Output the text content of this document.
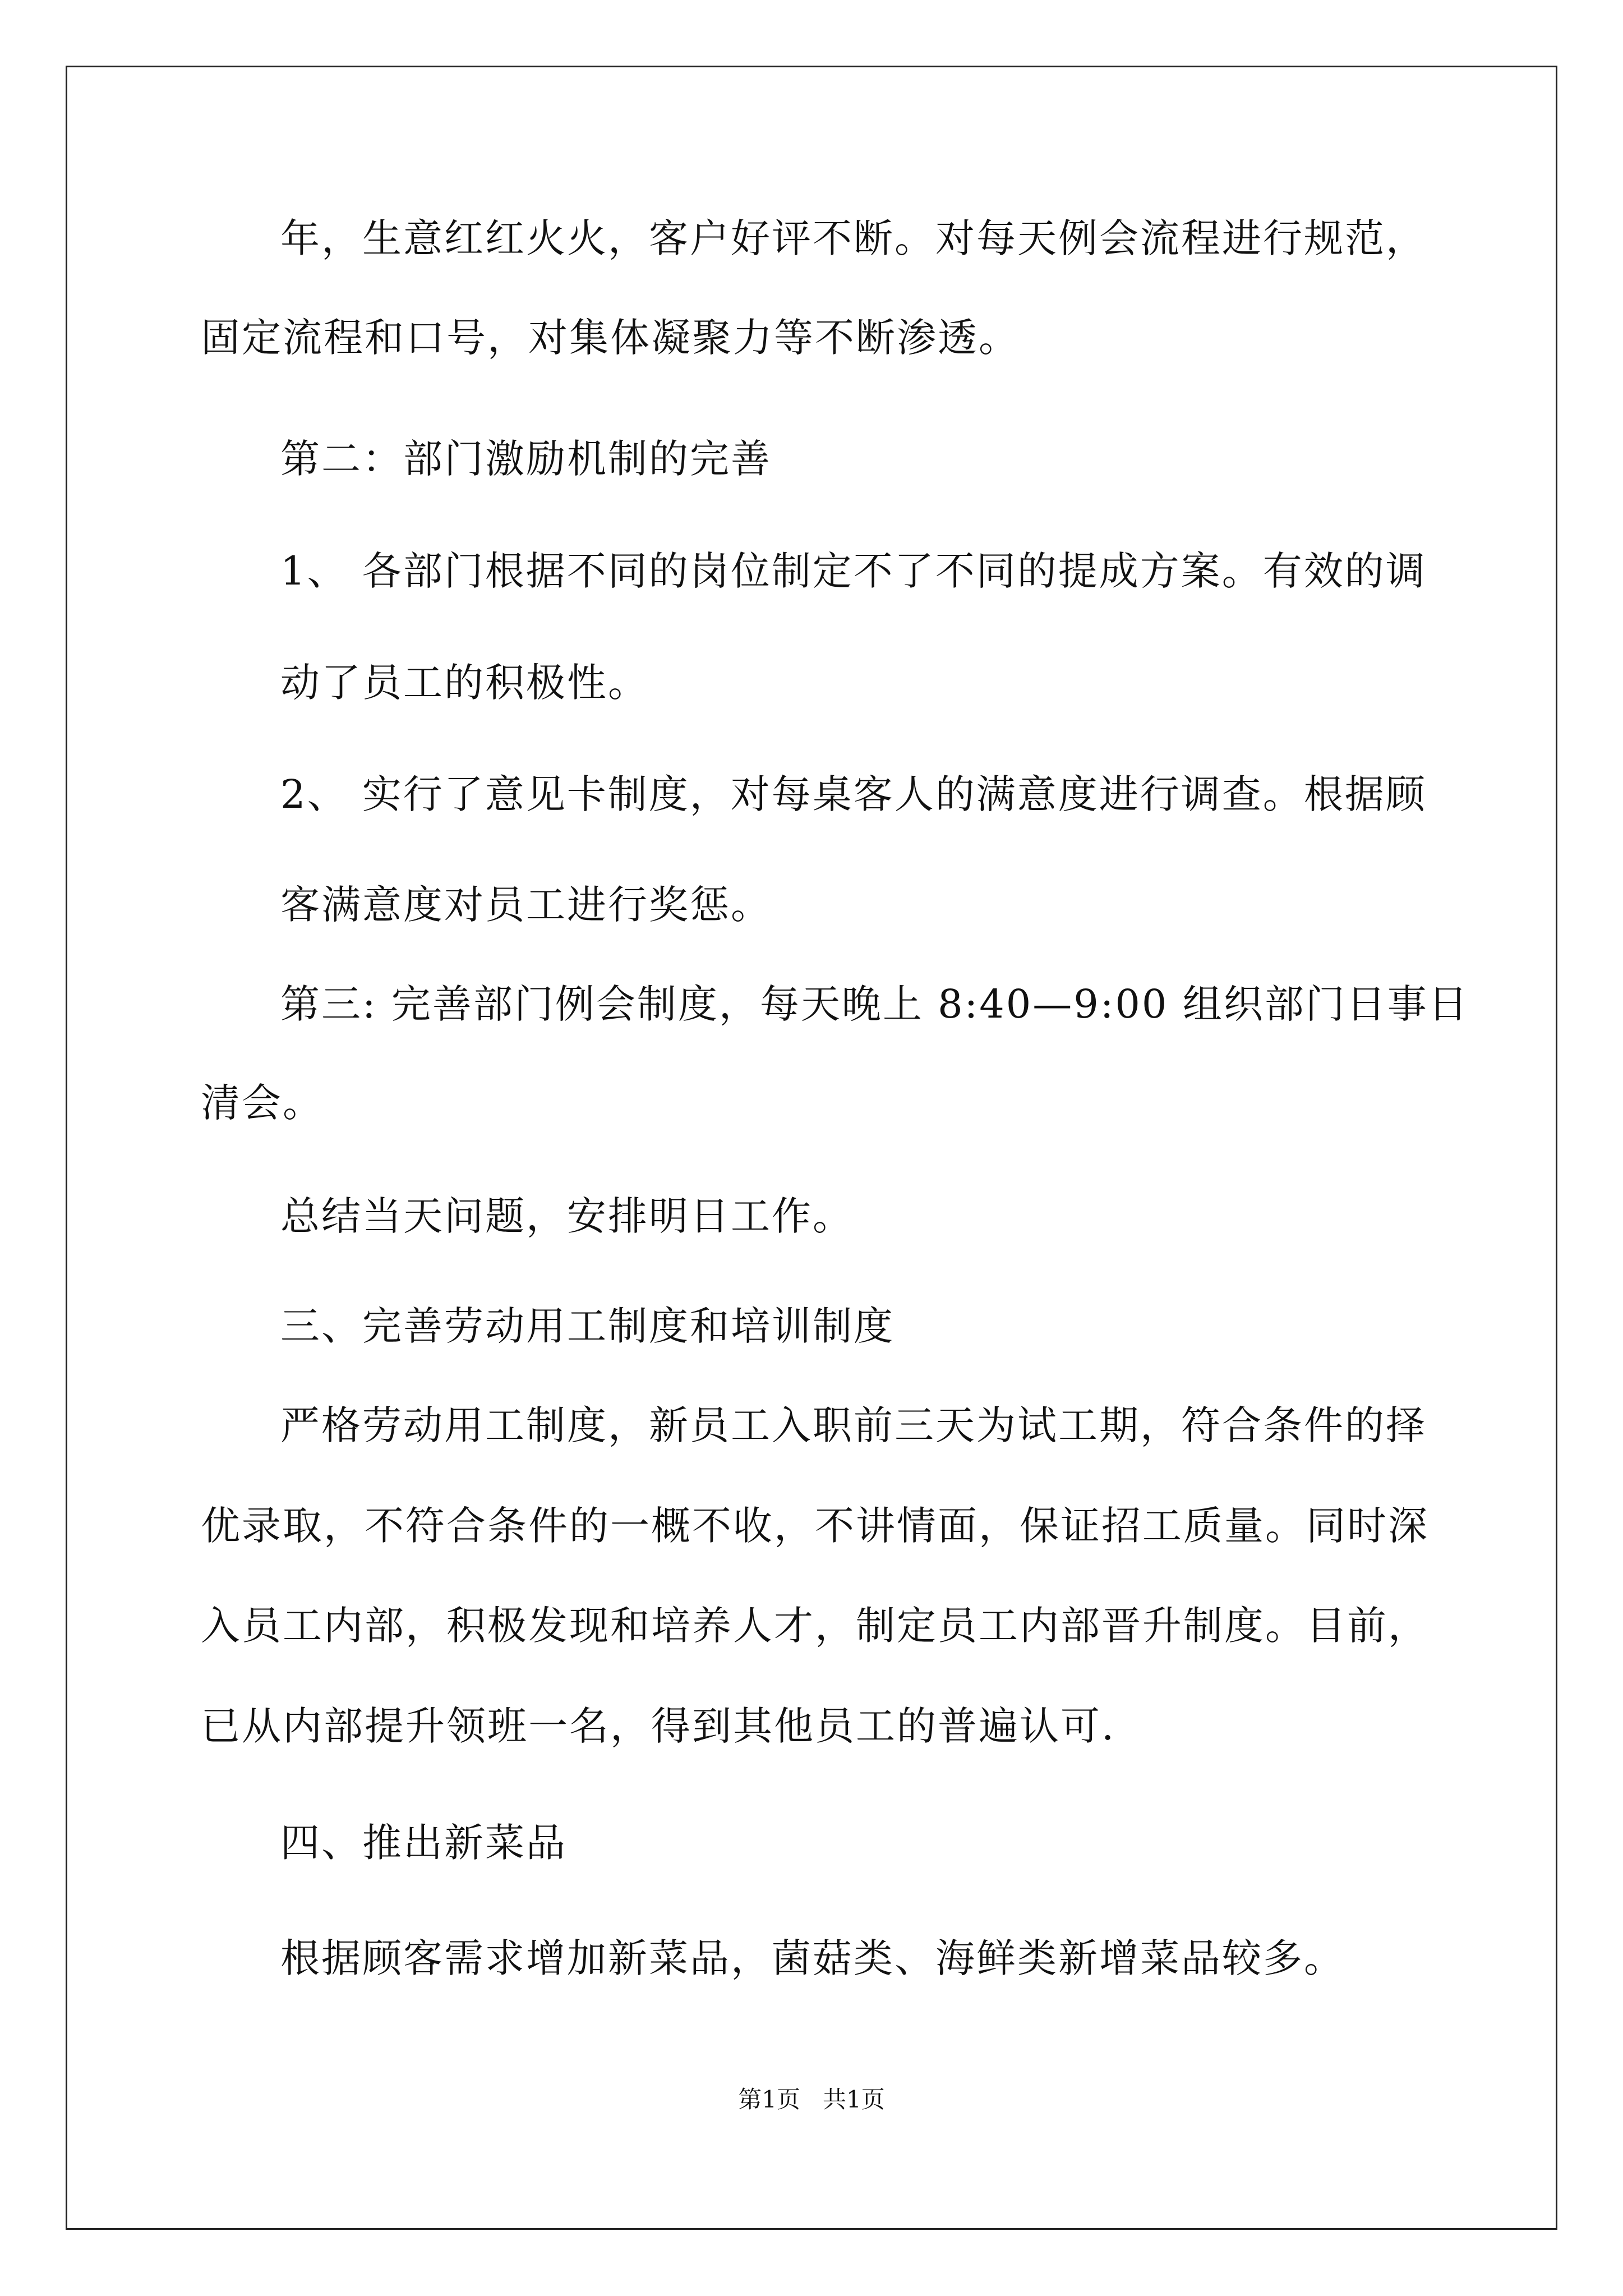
年，生意红红火火，客户好评不断。对每天例会流程进行规范，
固定流程和口号，对集体凝聚力等不断渗透。
第二：部门激励机制的完善
1、 各部门根据不同的岗位制定不了不同的提成方案。有效的调
动了员工的积极性。
2、 实行了意见卡制度，对每桌客人的满意度进行调查。根据顾
客满意度对员工进行奖惩。
第三: 完善部门例会制度，每天晚上 8:40—9:00 组织部门日事日
清会。
总结当天问题，安排明日工作。
三、完善劳动用工制度和培训制度
严格劳动用工制度，新员工入职前三天为试工期，符合条件的择
优录取，不符合条件的一概不收，不讲情面，保证招工质量。同时深
入员工内部，积极发现和培养人才，制定员工内部晋升制度。目前，
已从内部提升领班一名，得到其他员工的普遍认可.
四、推出新菜品
根据顾客需求增加新菜品，菌菇类、海鲜类新增菜品较多。
第1页 共1页
